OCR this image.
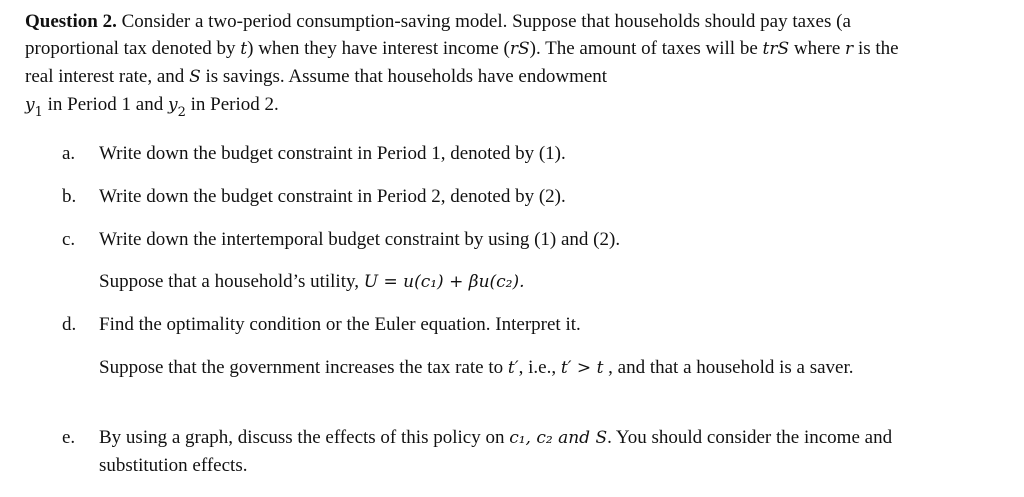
Question 2. Consider a two-period consumption-saving model. Suppose that households should pay taxes (a proportional tax denoted by t) when they have interest income (rS). The amount of taxes will be trS where r is the real interest rate, and S is savings. Assume that households have endowment
$y_1$ in Period 1 and $y_2$ in Period 2.

a. Write down the budget constraint in Period 1, denoted by (1).
b. Write down the budget constraint in Period 2, denoted by (2).
c. Write down the intertemporal budget constraint by using (1) and (2).
Suppose that a household’s utility, U = u(c₁) + βu(c₂).
d. Find the optimality condition or the Euler equation. Interpret it.
Suppose that the government increases the tax rate to t′, i.e., t′ > t , and that a household is a saver.
e. By using a graph, discuss the effects of this policy on c₁, c₂ and S. You should consider the income and substitution effects.
